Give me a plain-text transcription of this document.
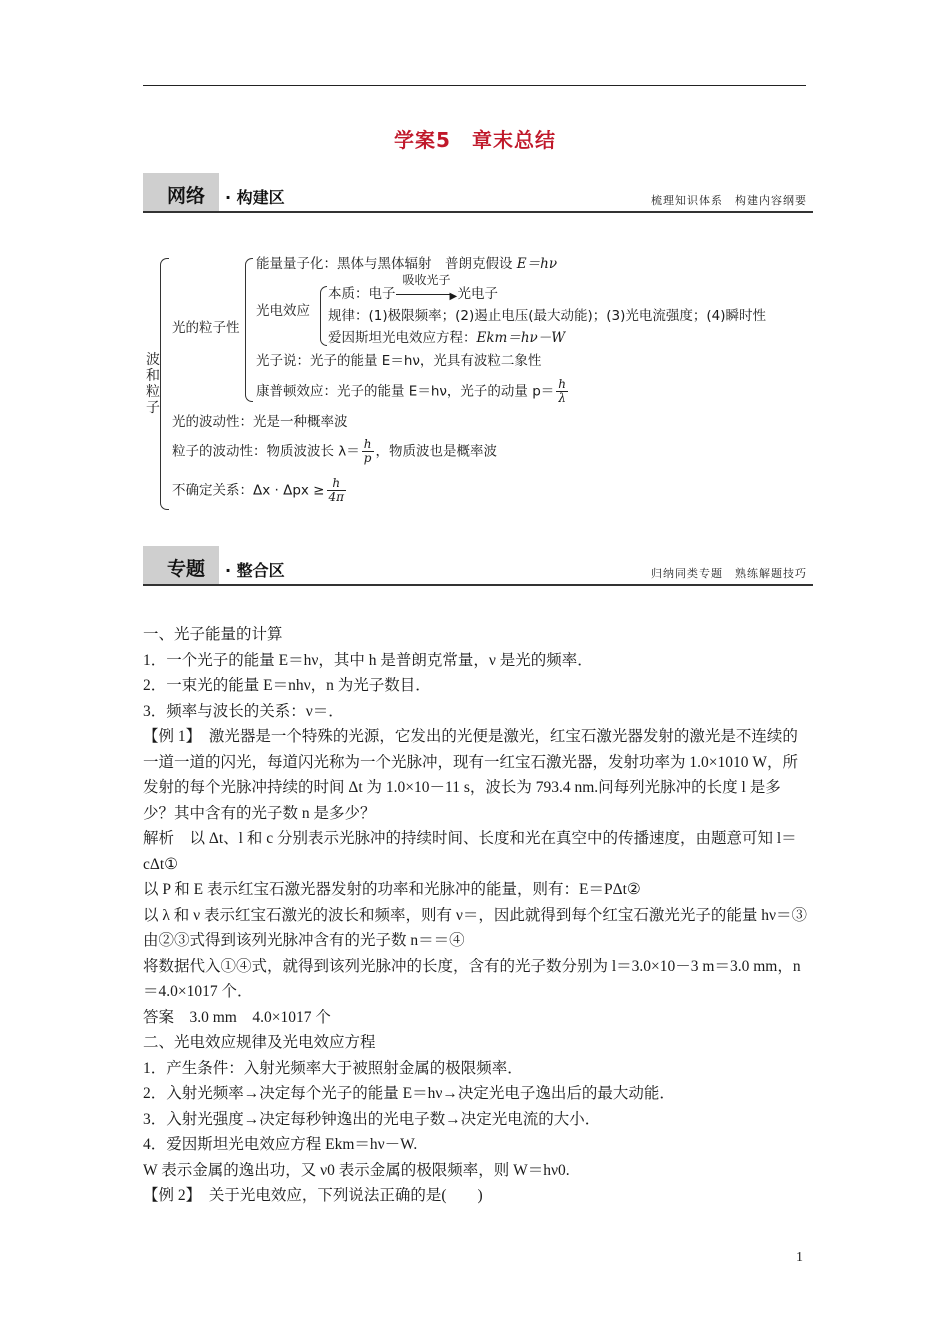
学案5　章末总结
网络 · 构建区	梳理知识体系　构建内容纲要
波和粒子
能量量子化：黑体与黑体辐射　普朗克假设 E＝hν
光的粒子性
光电效应
本质：电子
吸收光子
▶ 光电子
规律：(1)极限频率；(2)遏止电压(最大动能)；(3)光电流强度；(4)瞬时性
爱因斯坦光电效应方程：Ekm＝hν－W
光子说：光子的能量 E＝hν，光具有波粒二象性
康普顿效应：光子的能量 E＝hν，光子的动量 $p= \frac{h}{\lambda}$
光的波动性：光是一种概率波
粒子的波动性：物质波波长 $\lambda= \frac{h}{p}$ ，物质波也是概率波
不确定关系：$\Delta x \cdot \Delta px \ge \frac{h}{4\pi}$
专题 · 整合区	归纳同类专题　熟练解题技巧

一、光子能量的计算

1．一个光子的能量 E＝hν，其中 h 是普朗克常量，ν 是光的频率．

2．一束光的能量 E＝nhν，n 为光子数目．

3．频率与波长的关系：ν＝．

【例 1】　激光器是一个特殊的光源，它发出的光便是激光，红宝石激光器发射的激光是不连续的一道一道的闪光，每道闪光称为一个光脉冲，现有一红宝石激光器，发射功率为 1.0×1010 W，所发射的每个光脉冲持续的时间 Δt 为 1.0×10－11 s，波长为 793.4 nm.问每列光脉冲的长度 l 是多少？其中含有的光子数 n 是多少？

解析　以 Δt、l 和 c 分别表示光脉冲的持续时间、长度和光在真空中的传播速度，由题意可知 l＝cΔt①

以 P 和 E 表示红宝石激光器发射的功率和光脉冲的能量，则有：E＝PΔt②

以 λ 和 ν 表示红宝石激光的波长和频率，则有 ν＝，因此就得到每个红宝石激光光子的能量 hν＝③

由②③式得到该列光脉冲含有的光子数 n＝＝④

将数据代入①④式，就得到该列光脉冲的长度，含有的光子数分别为 l＝3.0×10－3 m＝3.0 mm，n＝4.0×1017 个．

答案　3.0 mm　4.0×1017 个

二、光电效应规律及光电效应方程

1．产生条件：入射光频率大于被照射金属的极限频率．

2．入射光频率→决定每个光子的能量 E＝hν→决定光电子逸出后的最大动能．

3．入射光强度→决定每秒钟逸出的光电子数→决定光电流的大小．

4．爱因斯坦光电效应方程 Ekm＝hν－W.

W 表示金属的逸出功，又 ν0 表示金属的极限频率，则 W＝hν0.

【例 2】　关于光电效应，下列说法正确的是(　　)

1
